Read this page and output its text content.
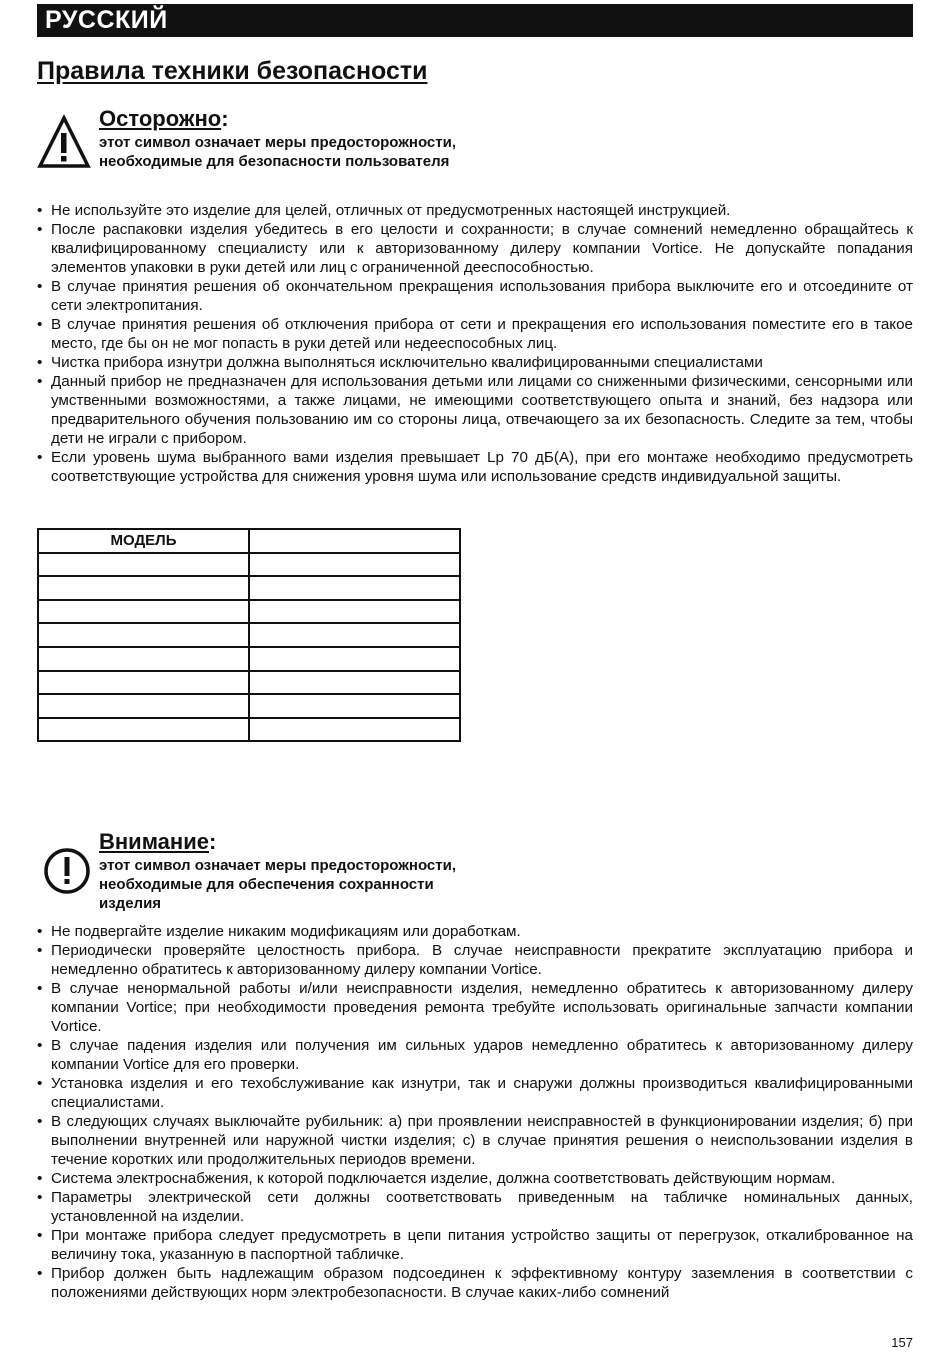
РУССКИЙ
Правила техники безопасности
Осторожно:
этот символ означает меры предосторожности, необходимые для безопасности пользователя
• Не используйте это изделие для целей, отличных от предусмотренных настоящей инструкцией.
• После распаковки изделия убедитесь в его целости и сохранности; в случае сомнений немедленно обращайтесь к квалифицированному специалисту или к авторизованному дилеру компании Vortice. Не допускайте попадания элементов упаковки в руки детей или лиц с ограниченной дееспособностью.
• В случае принятия решения об окончательном прекращения использования прибора выключите его и отсоедините от сети электропитания.
• В случае принятия решения об отключения прибора от сети и прекращения его использования поместите его в такое место, где бы он не мог попасть в руки детей или недееспособных лиц.
• Чистка прибора изнутри должна выполняться исключительно квалифицированными специалистами
• Данный прибор не предназначен для использования детьми или лицами со сниженными физическими, сенсорными или умственными возможностями, а также лицами, не имеющими соответствующего опыта и знаний, без надзора или предварительного обучения пользованию им со стороны лица, отвечающего за их безопасность. Следите за тем, чтобы дети не играли с прибором.
• Если уровень шума выбранного вами изделия превышает Lp 70 дБ(А), при его монтаже необходимо предусмотреть соответствующие устройства для снижения уровня шума или использование средств индивидуальной защиты.
МОДЕЛЬ	

Внимание:
этот символ означает меры предосторожности, необходимые для обеспечения сохранности изделия
• Не подвергайте изделие никаким модификациям или доработкам.
• Периодически проверяйте целостность прибора. В случае неисправности прекратите эксплуатацию прибора и немедленно обратитесь к авторизованному дилеру компании Vortice.
• В случае ненормальной работы и/или неисправности изделия, немедленно обратитесь к авторизованному дилеру компании Vortice; при необходимости проведения ремонта требуйте использовать оригинальные запчасти компании Vortice.
• В случае падения изделия или получения им сильных ударов немедленно обратитесь к авторизованному дилеру компании Vortice для его проверки.
• Установка изделия и его техобслуживание как изнутри, так и снаружи должны производиться квалифицированными специалистами.
• В следующих случаях выключайте рубильник: а) при проявлении неисправностей в функционировании изделия; б) при выполнении внутренней или наружной чистки изделия; с) в случае принятия решения о неиспользовании изделия в течение коротких или продолжительных периодов времени.
• Система электроснабжения, к которой подключается изделие, должна соответствовать действующим нормам.
• Параметры электрической сети должны соответствовать приведенным на табличке номинальных данных, установленной на изделии.
• При монтаже прибора следует предусмотреть в цепи питания устройство защиты от перегрузок, откалиброванное на величину тока, указанную в паспортной табличке.
• Прибор должен быть надлежащим образом подсоединен к эффективному контуру заземления в соответствии с положениями действующих норм электробезопасности. В случае каких-либо сомнений
157
